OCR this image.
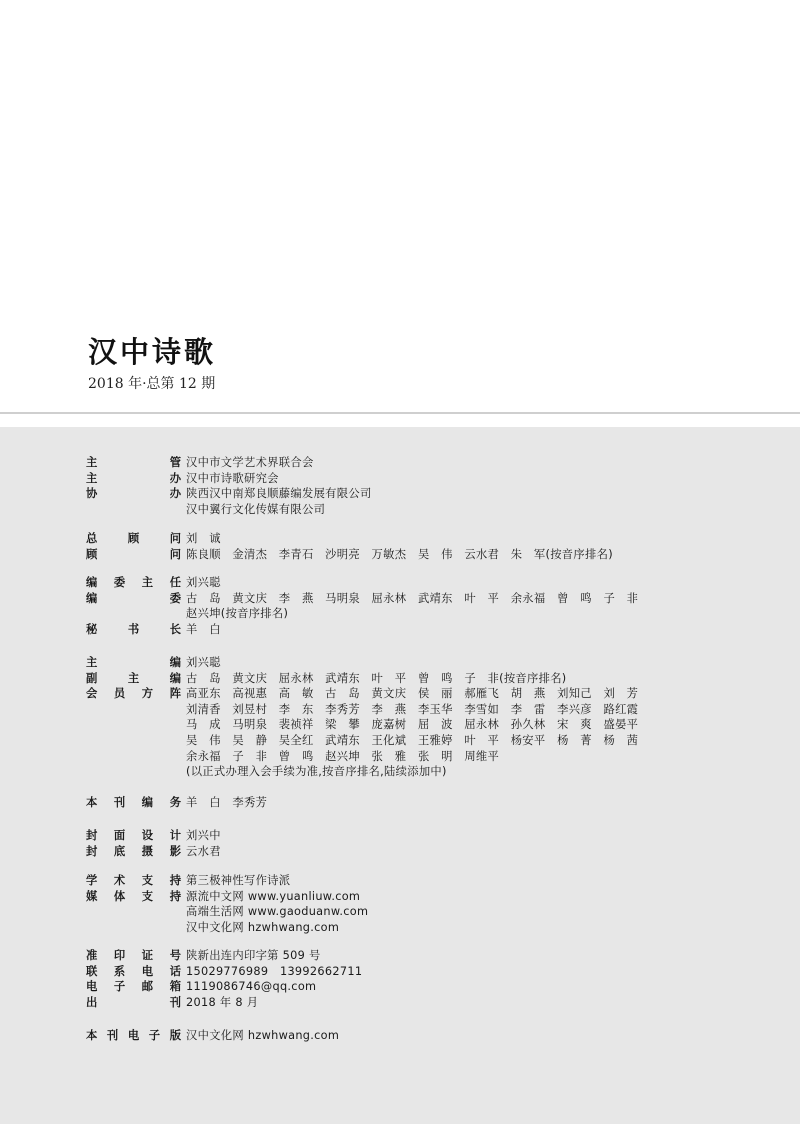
汉中诗歌
2018 年·总第 12 期
主　　管 汉中市文学艺术界联合会
主　　办 汉中市诗歌研究会
协　　办 陕西汉中南郑良顺藤编发展有限公司
汉中翼行文化传媒有限公司
总 顾 问 刘　诚
顾　　问 陈良顺　金清杰　李青石　沙明亮　万敏杰　吴　伟　云水君　朱　军(按音序排名)
编委主任 刘兴聪
编　　委 古　岛　黄文庆　李　燕　马明泉　屈永林　武靖东　叶　平　余永福　曾　鸣　子　非
赵兴坤(按音序排名)
秘 书 长 羊　白
主　　编 刘兴聪
副 主 编 古　岛　黄文庆　屈永林　武靖东　叶　平　曾　鸣　子　非(按音序排名)
会员方阵 高亚东　高视惠　高　敏　古　岛　黄文庆　侯　丽　郝雁飞　胡　燕　刘知己　刘　芳
刘清香　刘昱村　李　东　李秀芳　李　燕　李玉华　李雪如　李　雷　李兴彦　路红霞
马　成　马明泉　裴祯祥　梁　攀　庞嘉树　屈　波　屈永林　孙久林　宋　爽　盛晏平
吴　伟　吴　静　吴全红　武靖东　王化斌　王雅婷　叶　平　杨安平　杨　菁　杨　茜
余永福　子　非　曾　鸣　赵兴坤　张　雅　张　明　周维平
(以正式办理入会手续为准,按音序排名,陆续添加中)
本刊编务 羊　白　李秀芳
封面设计 刘兴中
封底摄影 云水君
学术支持 第三极神性写作诗派
媒体支持 源流中文网 www.yuanliuw.com
高端生活网 www.gaoduanw.com
汉中文化网 hzwhwang.com
准印证号 陕新出连内印字第 509 号
联系电话 15029776989　13992662711
电子邮箱 1119086746@qq.com
出　　刊 2018 年 8 月
本刊电子版 汉中文化网 hzwhwang.com
